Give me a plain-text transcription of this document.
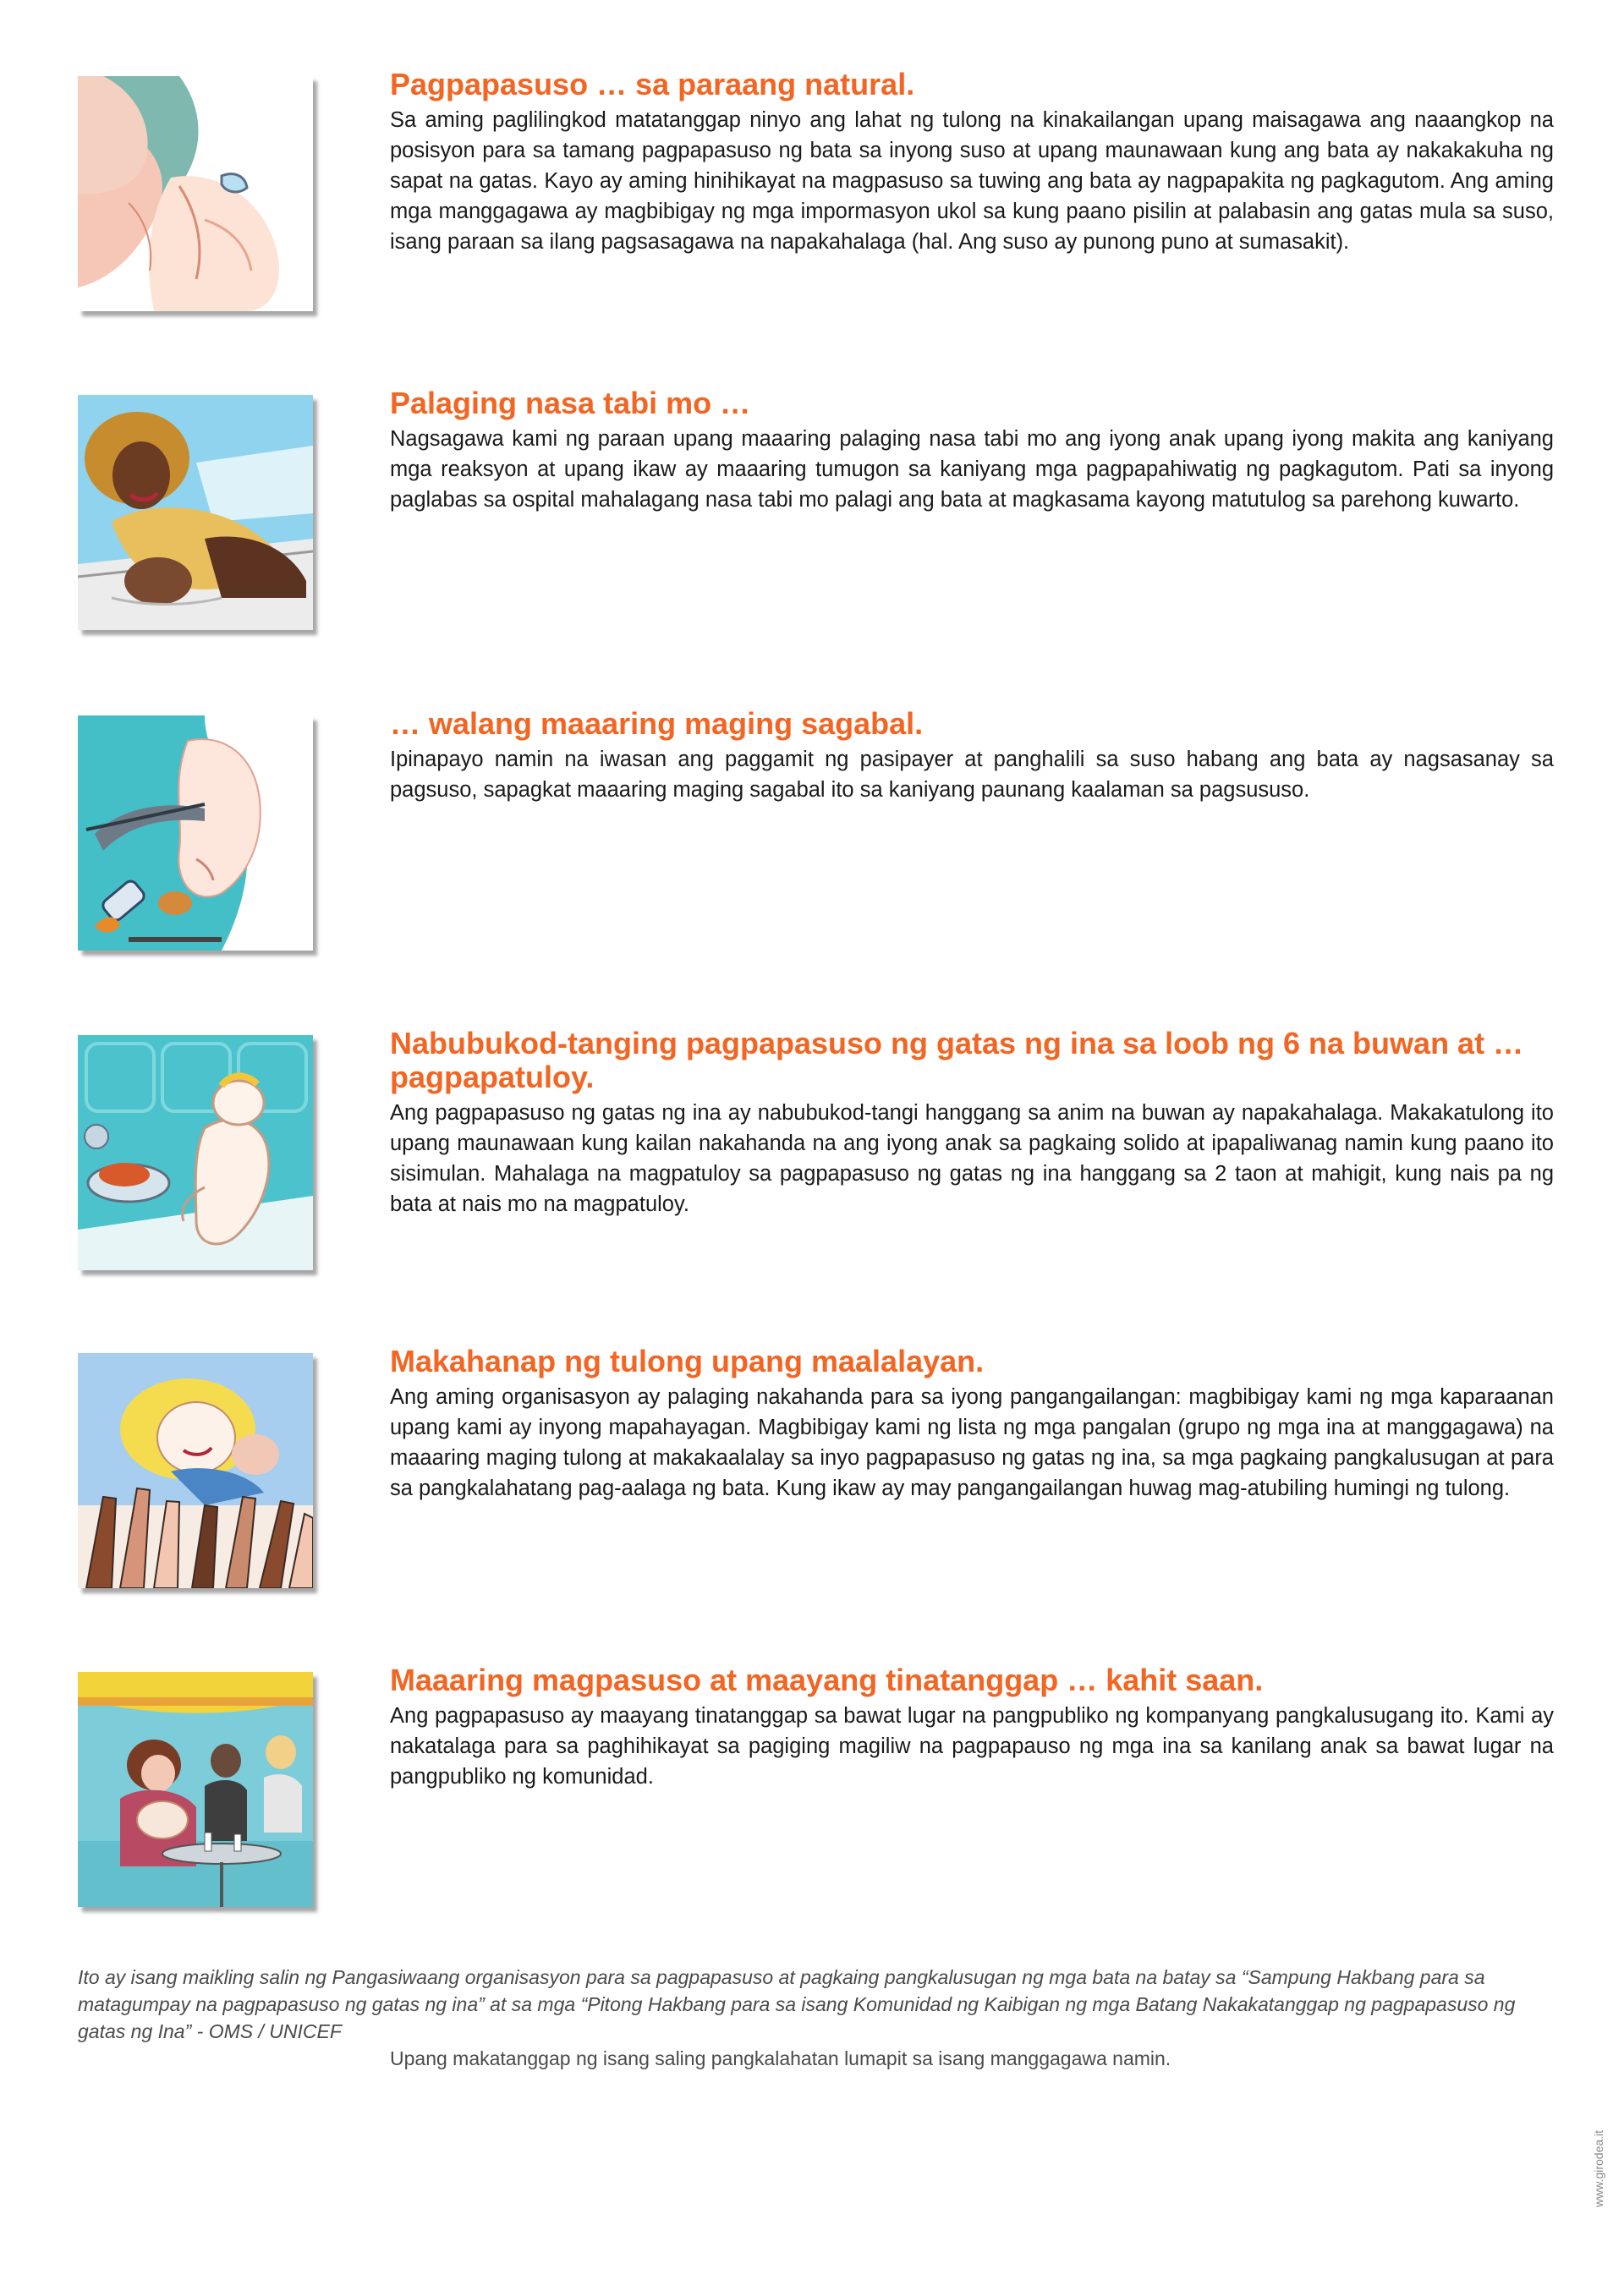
Pagpapasuso … sa paraang natural.

Sa aming paglilingkod matatanggap ninyo ang lahat ng tulong na kinakailangan upang maisagawa ang naaangkop na posisyon para sa tamang pagpapasuso ng bata sa inyong suso at upang maunawaan kung ang bata ay nakakakuha ng sapat na gatas. Kayo ay aming hinihikayat na magpasuso sa tuwing ang bata ay nagpapakita ng pagkagutom. Ang aming mga manggagawa ay magbibigay ng mga impormasyon ukol sa kung paano pisilin at palabasin ang gatas mula sa suso, isang paraan sa ilang pagsasagawa na napakahalaga (hal. Ang suso ay punong puno at sumasakit).

Palaging nasa tabi mo …

Nagsagawa kami ng paraan upang maaaring palaging nasa tabi mo ang iyong anak upang iyong makita ang kaniyang mga reaksyon at upang ikaw ay maaaring tumugon sa kaniyang mga pagpapahiwatig ng pagkagutom. Pati sa inyong paglabas sa ospital mahalagang nasa tabi mo palagi ang bata at magkasama kayong matutulog sa parehong kuwarto.

… walang maaaring maging sagabal.

Ipinapayo namin na iwasan ang paggamit ng pasipayer at panghalili sa suso habang ang bata ay nagsasanay sa pagsuso, sapagkat maaaring maging sagabal ito sa kaniyang paunang kaalaman sa pagsususo.

Nabubukod-tanging pagpapasuso ng gatas ng ina sa loob ng 6 na buwan at … pagpapatuloy.

Ang pagpapasuso ng gatas ng ina ay nabubukod-tangi hanggang sa anim na buwan ay napakahalaga. Makakatulong ito upang maunawaan kung kailan nakahanda na ang iyong anak sa pagkaing solido at ipapaliwanag namin kung paano ito sisimulan. Mahalaga na magpatuloy sa pagpapasuso ng gatas ng ina hanggang sa 2 taon at mahigit, kung nais pa ng bata at nais mo na magpatuloy.

Makahanap ng tulong upang maalalayan.

Ang aming organisasyon ay palaging nakahanda para sa iyong pangangailangan: magbibigay kami ng mga kaparaanan upang kami ay inyong mapahayagan. Magbibigay kami ng lista ng mga pangalan (grupo ng mga ina at manggagawa) na maaaring maging tulong at makakaalalay sa inyo pagpapasuso ng gatas ng ina, sa mga pagkaing pangkalusugan at para sa pangkalahatang pag-aalaga ng bata. Kung ikaw ay may pangangailangan huwag mag-atubiling humingi ng tulong.

Maaaring magpasuso at maayang tinatanggap … kahit saan.

Ang pagpapasuso ay maayang tinatanggap sa bawat lugar na pangpubliko ng kompanyang pangkalusugang ito. Kami ay nakatalaga para sa paghihikayat sa pagiging magiliw na pagpapauso ng mga ina sa kanilang anak sa bawat lugar na pangpubliko ng komunidad.

Ito ay isang maikling salin ng Pangasiwaang organisasyon para sa pagpapasuso at pagkaing pangkalusugan ng mga bata na batay sa “Sampung Hakbang para sa matagumpay na pagpapasuso ng gatas ng ina” at sa mga “Pitong Hakbang para sa isang Komunidad ng Kaibigan ng mga Batang Nakakatanggap ng pagpapasuso ng gatas ng Ina” - OMS / UNICEF

Upang makatanggap ng isang saling pangkalahatan lumapit sa isang manggagawa namin.

www.girodea.it
